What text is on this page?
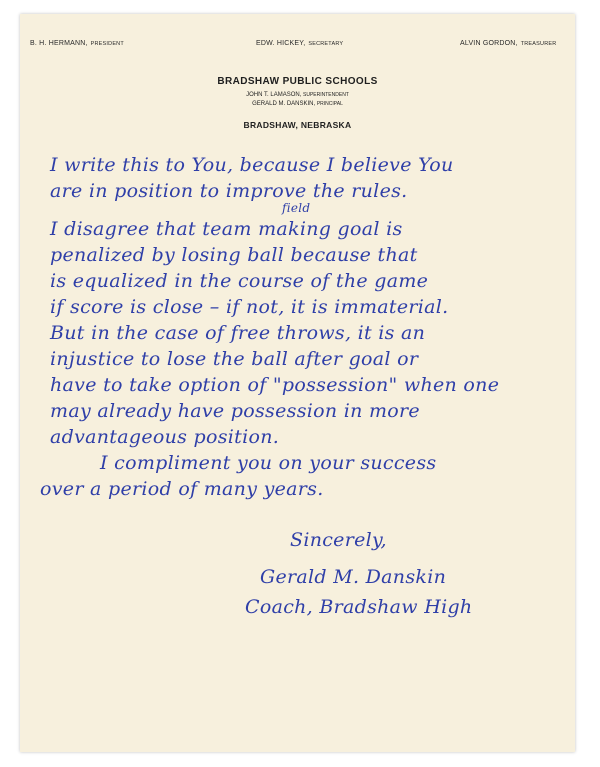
B. H. HERMANN, PRESIDENT	EDW. HICKEY, SECRETARY	ALVIN GORDON, TREASURER
BRADSHAW PUBLIC SCHOOLS
JOHN T. LAMASON, SUPERINTENDENT
GERALD M. DANSKIN, PRINCIPAL
BRADSHAW, NEBRASKA
I write this to You, because I believe You
are in position to improve the rules.
field
I disagree that team making goal is
penalized by losing ball because that
is equalized in the course of the game
if score is close – if not, it is immaterial.
But in the case of free throws, it is an
injustice to lose the ball after goal or
have to take option of "possession" when one
may already have possession in more
advantageous position.
I compliment you on your success
over a period of many years.
Sincerely,
Gerald M. Danskin
Coach, Bradshaw High
